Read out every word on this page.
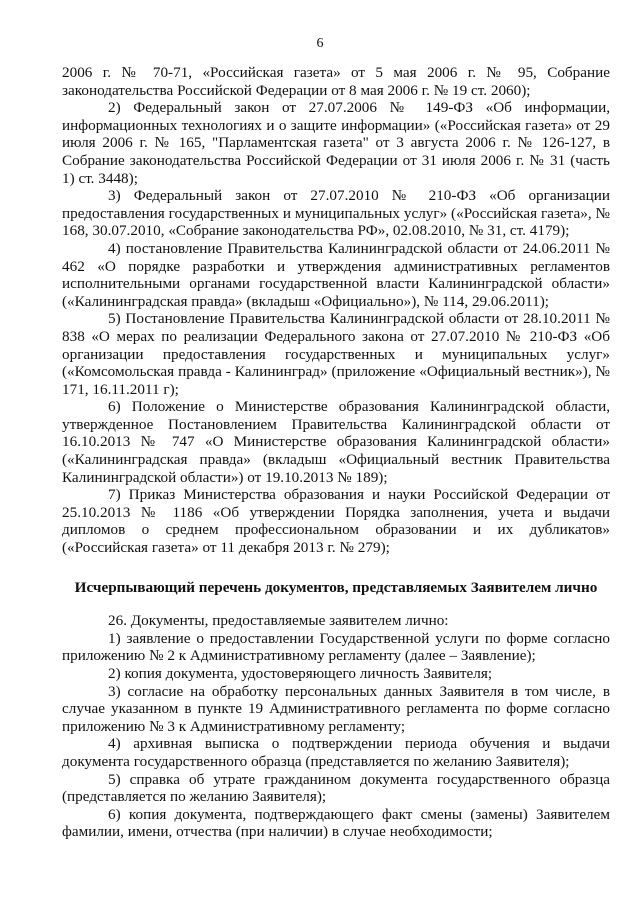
6

2006 г. № 70-71, «Российская газета» от 5 мая 2006 г. № 95, Собрание законодательства Российской Федерации от 8 мая 2006 г. № 19 ст. 2060);

2) Федеральный закон от 27.07.2006 № 149-ФЗ «Об информации, информационных технологиях и о защите информации» («Российская газета» от 29 июля 2006 г. № 165, "Парламентская газета" от 3 августа 2006 г. № 126-127, в Собрание законодательства Российской Федерации от 31 июля 2006 г. № 31 (часть 1) ст. 3448);

3) Федеральный закон от 27.07.2010 № 210-ФЗ «Об организации предоставления государственных и муниципальных услуг» («Российская газета», № 168, 30.07.2010, «Собрание законодательства РФ», 02.08.2010, № 31, ст. 4179);

4) постановление Правительства Калининградской области от 24.06.2011 № 462 «О порядке разработки и утверждения административных регламентов исполнительными органами государственной власти Калининградской области» («Калининградская правда» (вкладыш «Официально»), № 114, 29.06.2011);

5) Постановление Правительства Калининградской области от 28.10.2011 № 838 «О мерах по реализации Федерального закона от 27.07.2010 № 210-ФЗ «Об организации предоставления государственных и муниципальных услуг» («Комсомольская правда - Калининград» (приложение «Официальный вестник»), № 171, 16.11.2011 г);

6) Положение о Министерстве образования Калининградской области, утвержденное Постановлением Правительства Калининградской области от 16.10.2013 № 747 «О Министерстве образования Калининградской области» («Калининградская правда» (вкладыш «Официальный вестник Правительства Калининградской области») от 19.10.2013 № 189);

7) Приказ Министерства образования и науки Российской Федерации от 25.10.2013 № 1186 «Об утверждении Порядка заполнения, учета и выдачи дипломов о среднем профессиональном образовании и их дубликатов» («Российская газета» от 11 декабря 2013 г. № 279);

Исчерпывающий перечень документов, представляемых Заявителем лично

26. Документы, предоставляемые заявителем лично:

1) заявление о предоставлении Государственной услуги по форме согласно приложению № 2 к Административному регламенту (далее – Заявление);

2) копия документа, удостоверяющего личность Заявителя;

3) согласие на обработку персональных данных Заявителя в том числе, в случае указанном в пункте 19 Административного регламента по форме согласно приложению № 3 к Административному регламенту;

4) архивная выписка о подтверждении периода обучения и выдачи документа государственного образца (представляется по желанию Заявителя);

5) справка об утрате гражданином документа государственного образца (представляется по желанию Заявителя);

6) копия документа, подтверждающего факт смены (замены) Заявителем фамилии, имени, отчества (при наличии) в случае необходимости;
